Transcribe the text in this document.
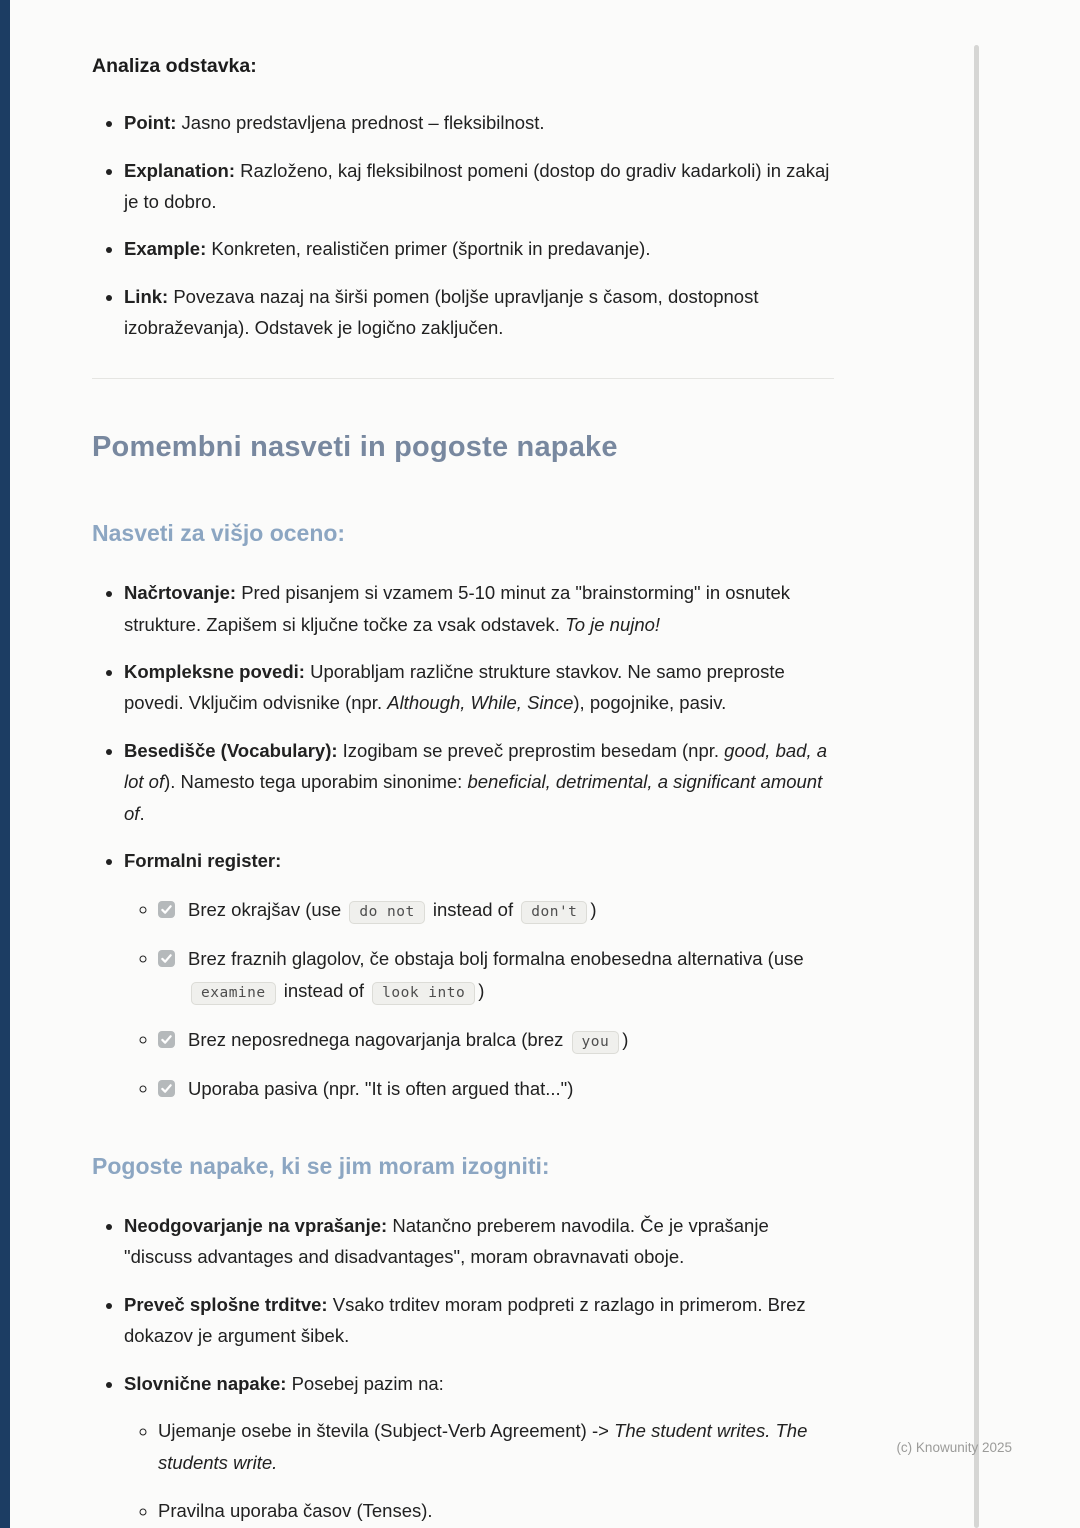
Analiza odstavka:
• Point: Jasno predstavljena prednost – fleksibilnost.
• Explanation: Razloženo, kaj fleksibilnost pomeni (dostop do gradiv kadarkoli) in zakaj je to dobro.
• Example: Konkreten, realističen primer (športnik in predavanje).
• Link: Povezava nazaj na širši pomen (boljše upravljanje s časom, dostopnost izobraževanja). Odstavek je logično zaključen.
Pomembni nasveti in pogoste napake
Nasveti za višjo oceno:
• Načrtovanje: Pred pisanjem si vzamem 5-10 minut za "brainstorming" in osnutek strukture. Zapišem si ključne točke za vsak odstavek. To je nujno!
• Kompleksne povedi: Uporabljam različne strukture stavkov. Ne samo preproste povedi. Vključim odvisnike (npr. Although, While, Since), pogojnike, pasiv.
• Besedišče (Vocabulary): Izogibam se preveč preprostim besedam (npr. good, bad, a lot of). Namesto tega uporabim sinonime: beneficial, detrimental, a significant amount of.
• Formalni register:
◦ Brez okrajšav (use do not instead of don't )
◦ Brez fraznih glagolov, če obstaja bolj formalna enobesedna alternativa (use examine instead of look into )
◦ Brez neposrednega nagovarjanja bralca (brez you )
◦ Uporaba pasiva (npr. "It is often argued that...")
Pogoste napake, ki se jim moram izogniti:
• Neodgovarjanje na vprašanje: Natančno preberem navodila. Če je vprašanje "discuss advantages and disadvantages", moram obravnavati oboje.
• Preveč splošne trditve: Vsako trditev moram podpreti z razlago in primerom. Brez dokazov je argument šibek.
• Slovnične napake: Posebej pazim na:
◦ Ujemanje osebe in števila (Subject-Verb Agreement) -> The student writes. The students write.
◦ Pravilna uporaba časov (Tenses).
(c) Knowunity 2025
